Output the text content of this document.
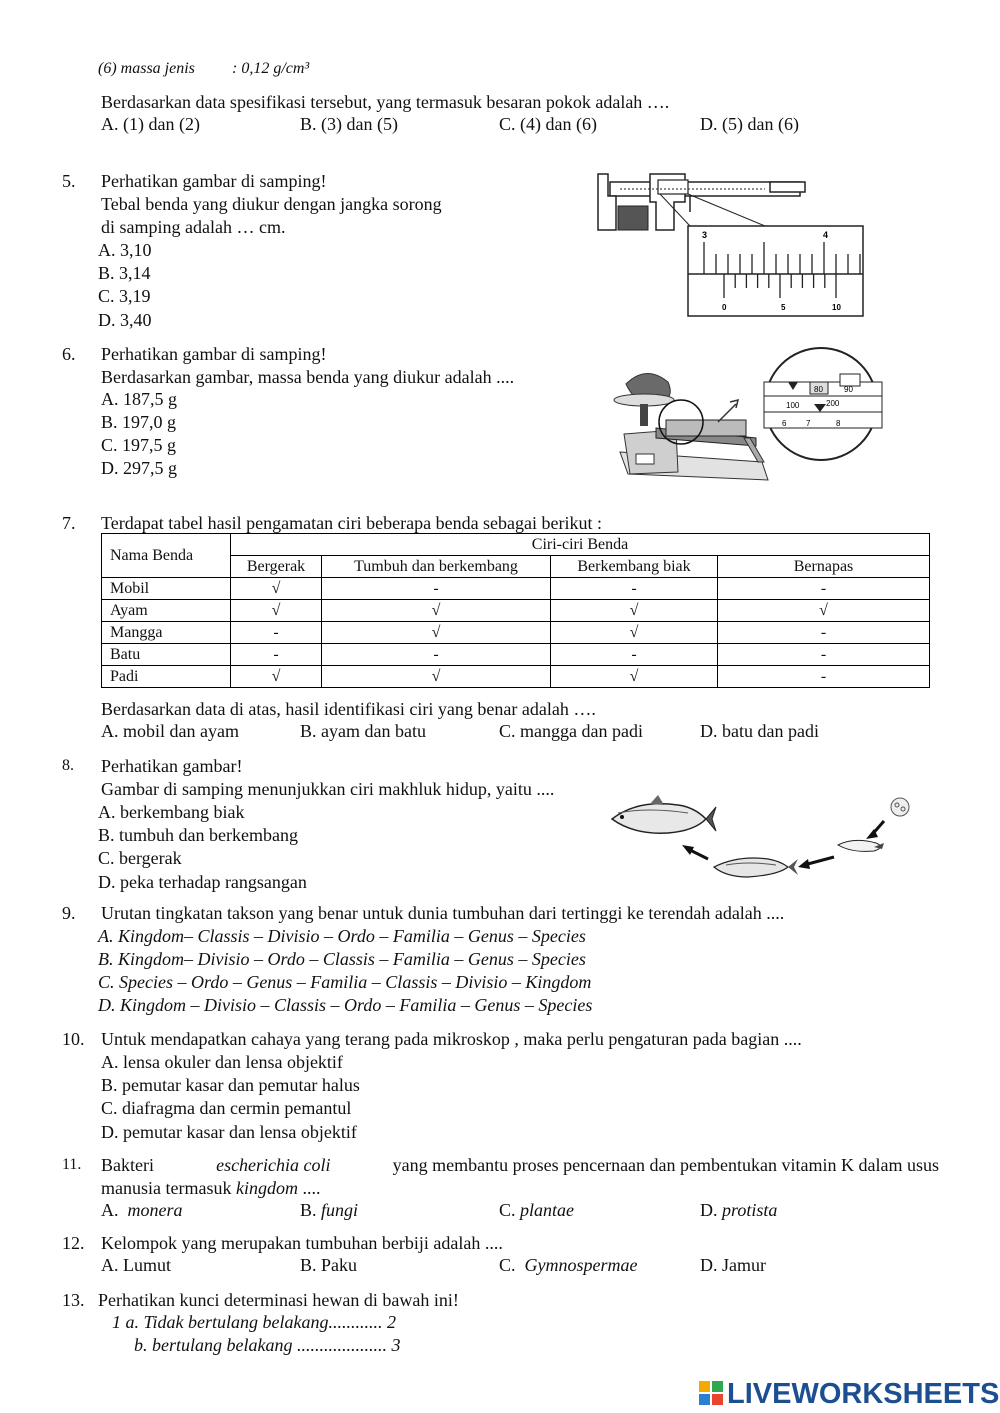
(6) massa jenis : 0,12 g/cm³
Berdasarkan data spesifikasi tersebut, yang termasuk besaran pokok adalah ….
A. (1) dan (2)	B. (3) dan (5)	C. (4) dan (6)	D. (5) dan (6)
5. Perhatikan gambar di samping!
Tebal benda yang diukur dengan jangka sorong
di samping adalah … cm.
A. 3,10
B. 3,14
C. 3,19
D. 3,40
3	4
0	5	10
6. Perhatikan gambar di samping!
Berdasarkan gambar, massa benda yang diukur adalah ....
A. 187,5 g
B. 197,0 g
C. 197,5 g
D. 297,5 g
80	90
100	200
6 7	8
7. Terdapat tabel hasil pengamatan ciri beberapa benda sebagai berikut :
Nama Benda	Ciri-ciri Benda			
	Bergerak	Tumbuh dan berkembang	Berkembang biak	Bernapas
Mobil	√	-	-	-
Ayam	√	√	√	√
Mangga	-	√	√	-
Batu	-	-	-	-
Padi	√	√	√	-
Berdasarkan data di atas, hasil identifikasi ciri yang benar adalah ….
A. mobil dan ayam	B. ayam dan batu	C. mangga dan padi	D. batu dan padi
8. Perhatikan gambar!
Gambar di samping menunjukkan ciri makhluk hidup, yaitu ....
A. berkembang biak
B. tumbuh dan berkembang
C. bergerak
D. peka terhadap rangsangan
9. Urutan tingkatan takson yang benar untuk dunia tumbuhan dari tertinggi ke terendah adalah ....
A. Kingdom– Classis – Divisio – Ordo – Familia – Genus – Species
B. Kingdom– Divisio – Ordo – Classis – Familia – Genus – Species
C. Species – Ordo – Genus – Familia – Classis – Divisio – Kingdom
D. Kingdom – Divisio – Classis – Ordo – Familia – Genus – Species
10. Untuk mendapatkan cahaya yang terang pada mikroskop , maka perlu pengaturan pada bagian ....
A. lensa okuler dan lensa objektif
B. pemutar kasar dan pemutar halus
C. diafragma dan cermin pemantul
D. pemutar kasar dan lensa objektif
11. Bakteri	escherichia coli	yang membantu proses pencernaan dan pembentukan vitamin K dalam usus
manusia termasuk kingdom ....
A. monera	B. fungi	C. plantae	D. protista
12. Kelompok yang merupakan tumbuhan berbiji adalah ....
A. Lumut	B. Paku	C. Gymnospermae	D. Jamur
13. Perhatikan kunci determinasi hewan di bawah ini!
1 a. Tidak bertulang belakang............ 2
b. bertulang belakang .................... 3
LIVEWORKSHEETS
